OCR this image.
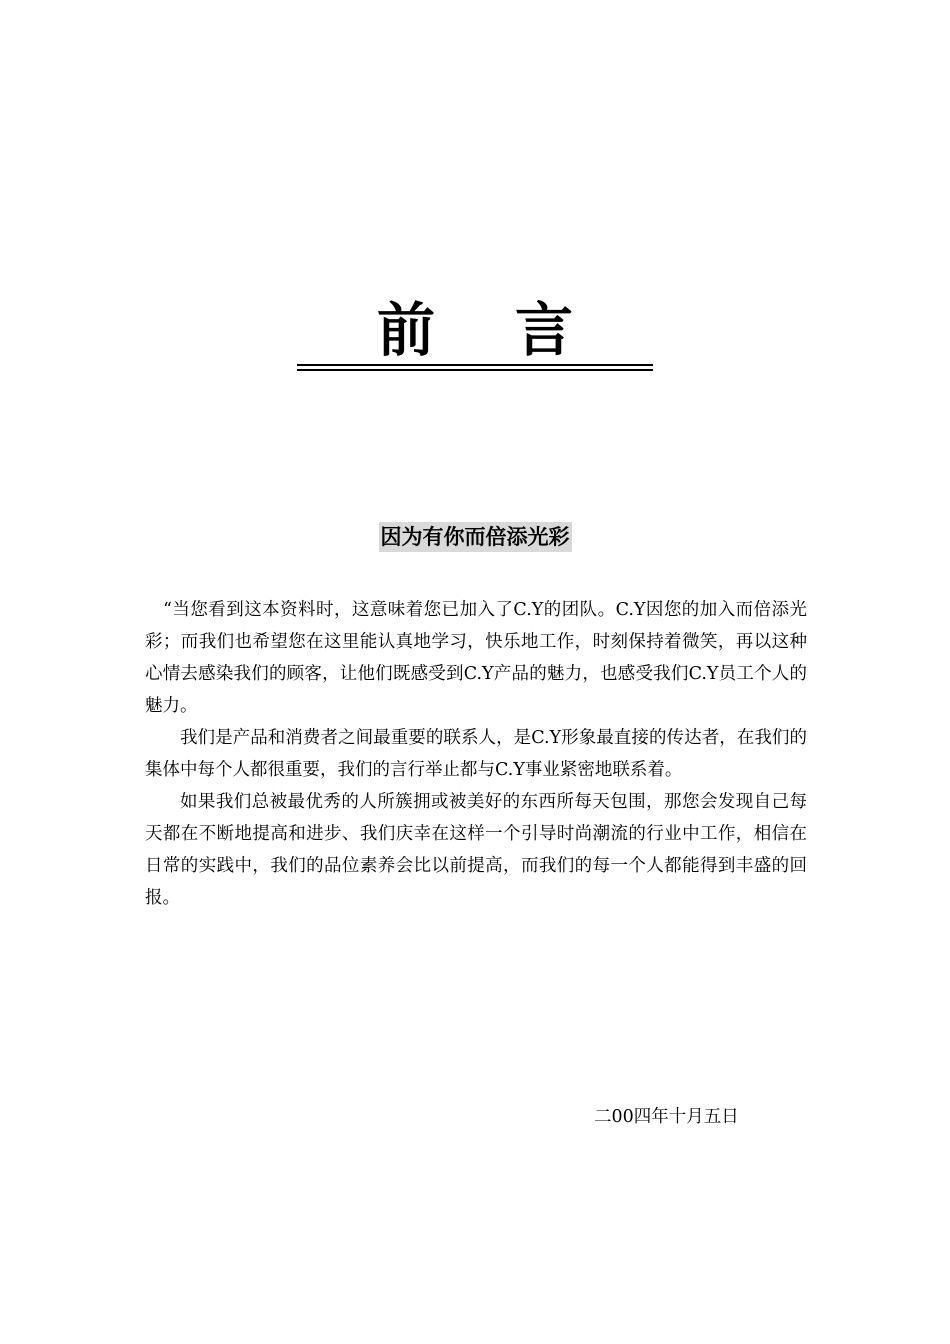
前言
因为有你而倍添光彩

“当您看到这本资料时，这意味着您已加入了C.Y的团队。C.Y因您的加入而倍添光彩；而我们也希望您在这里能认真地学习，快乐地工作，时刻保持着微笑，再以这种心情去感染我们的顾客，让他们既感受到C.Y产品的魅力，也感受我们C.Y员工个人的魅力。

我们是产品和消费者之间最重要的联系人，是C.Y形象最直接的传达者，在我们的集体中每个人都很重要，我们的言行举止都与C.Y事业紧密地联系着。

如果我们总被最优秀的人所簇拥或被美好的东西所每天包围，那您会发现自己每天都在不断地提高和进步、我们庆幸在这样一个引导时尚潮流的行业中工作，相信在日常的实践中，我们的品位素养会比以前提高，而我们的每一个人都能得到丰盛的回报。

二00四年十月五日
